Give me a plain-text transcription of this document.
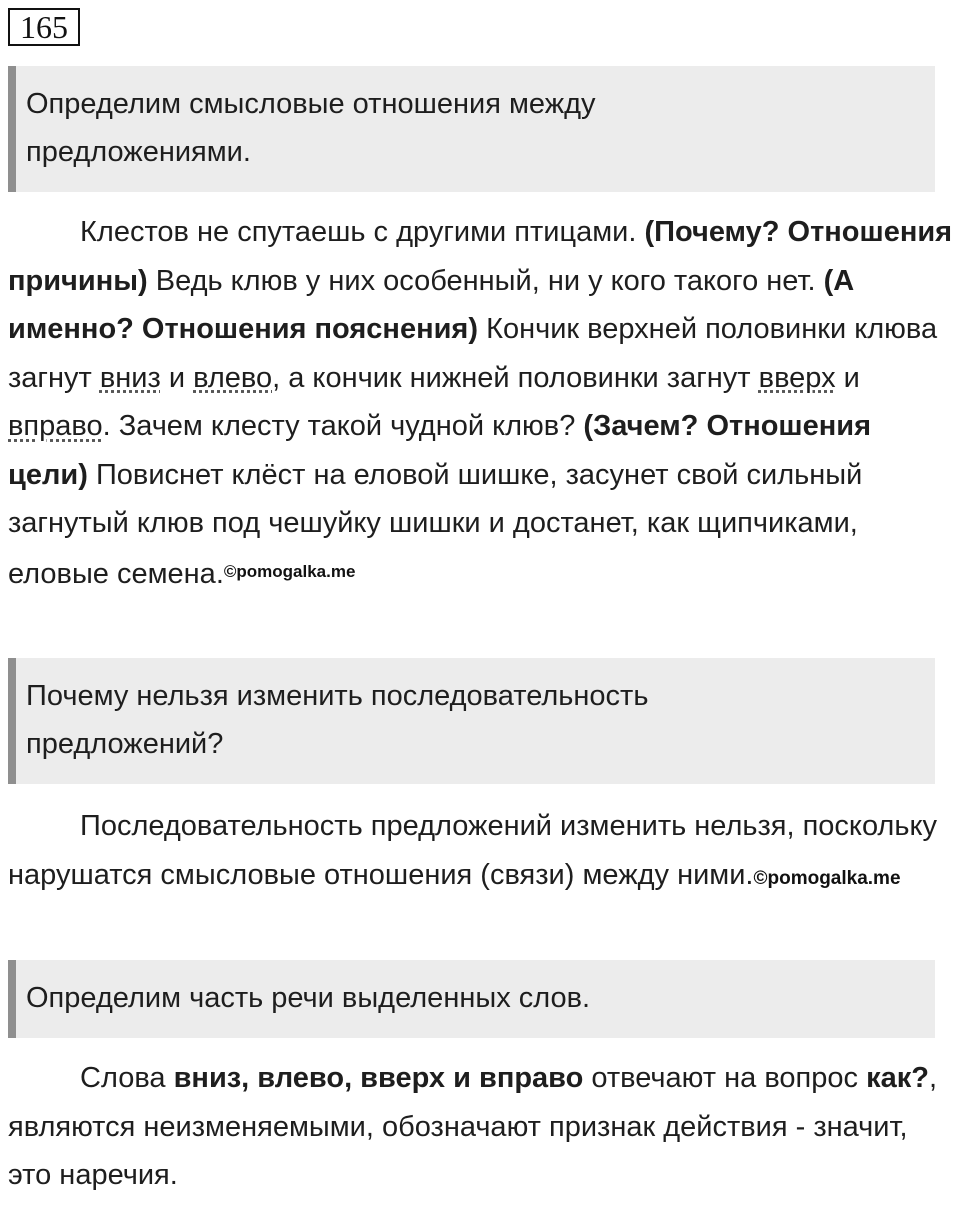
165
Определим смысловые отношения между
предложениями.
Клестов не спутаешь с другими птицами. (Почему? Отношения причины) Ведь клюв у них особенный, ни у кого такого нет. (А именно? Отношения пояснения) Кончик верхней половинки клюва загнут вниз и влево, а кончик нижней половинки загнут вверх и вправо. Зачем клесту такой чудной клюв? (Зачем? Отношения цели) Повиснет клёст на еловой шишке, засунет свой сильный загнутый клюв под чешуйку шишки и достанет, как щипчиками, еловые семена.$^{©pomogalka.me}$
Почему нельзя изменить последовательность
предложений?
Последовательность предложений изменить нельзя, поскольку нарушатся смысловые отношения (связи) между ними.©pomogalka.me
Определим часть речи выделенных слов.
Слова вниз, влево, вверх и вправо отвечают на вопрос как?, являются неизменяемыми, обозначают признак действия - значит, это наречия.
